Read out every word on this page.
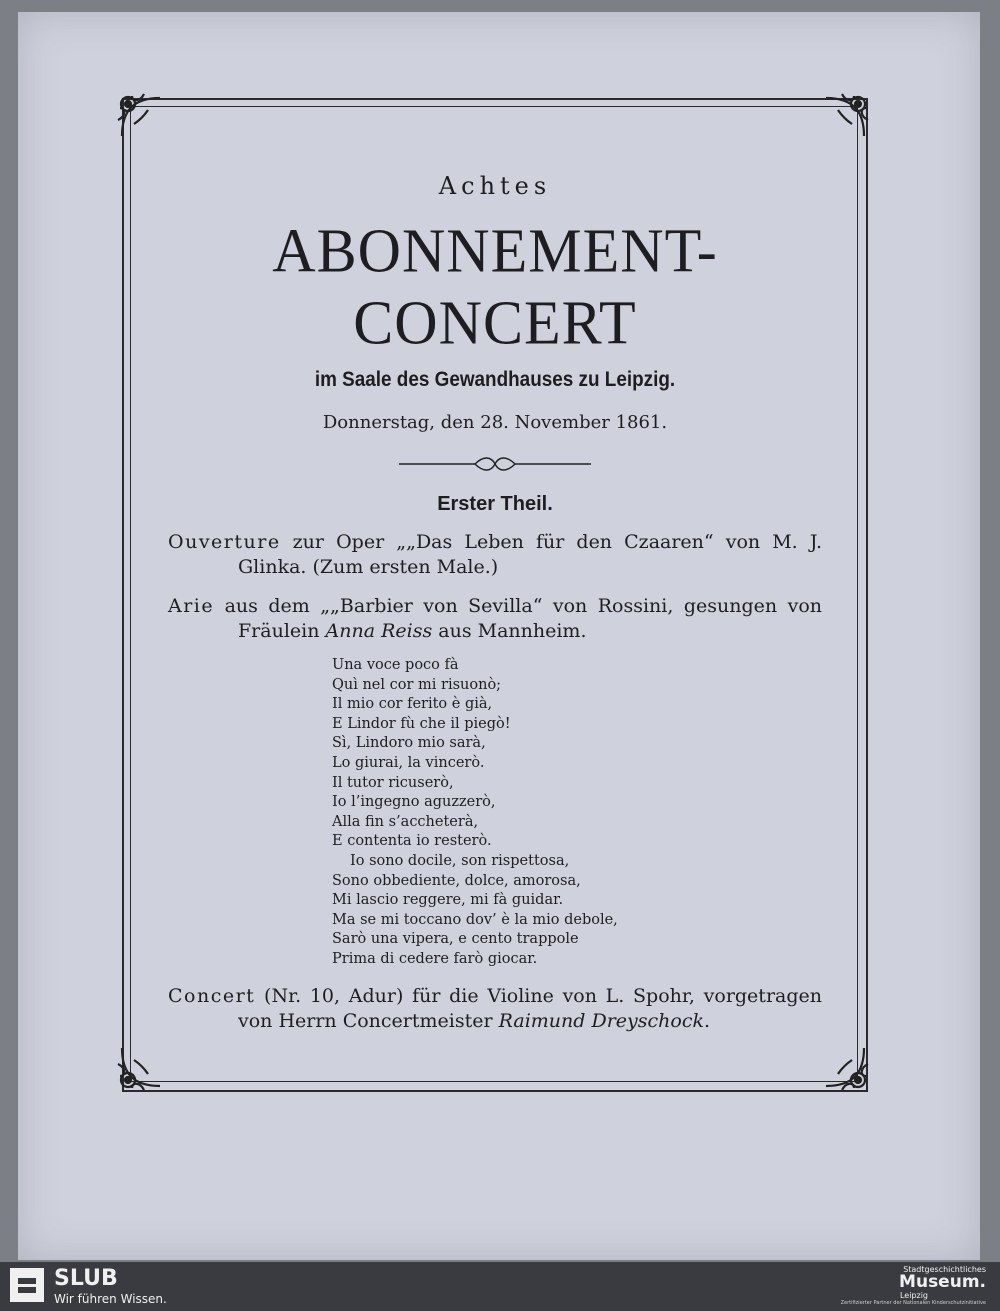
Achtes
ABONNEMENT-CONCERT
im Saale des Gewandhauses zu Leipzig.
Donnerstag, den 28. November 1861.
Erster Theil.
Ouverture zur Oper „„Das Leben für den Czaaren“ von M. J. Glinka. (Zum ersten Male.)
Arie aus dem „„Barbier von Sevilla“ von Rossini, gesungen von Fräulein Anna Reiss aus Mannheim.
Una voce poco fà
Quì nel cor mi risuonò;
Il mio cor ferito è già,
E Lindor fù che il piegò!
Sì, Lindoro mio sarà,
Lo giurai, la vincerò.
Il tutor ricuserò,
Io l’ingegno aguzzerò,
Alla fin s’accheterà,
E contenta io resterò.
Io sono docile, son rispettosa,
Sono obbediente, dolce, amorosa,
Mi lascio reggere, mi fà guidar.
Ma se mi toccano dov’ è la mio debole,
Sarò una vipera, e cento trappole
Prima di cedere farò giocar.
Concert (Nr. 10, Adur) für die Violine von L. Spohr, vorgetragen von Herrn Concertmeister Raimund Dreyschock.
SLUB
Wir führen Wissen.
Stadtgeschichtliches
Museum.
Leipzig
Zertifizierter Partner der Nationalen Kinderschutzinitiative
